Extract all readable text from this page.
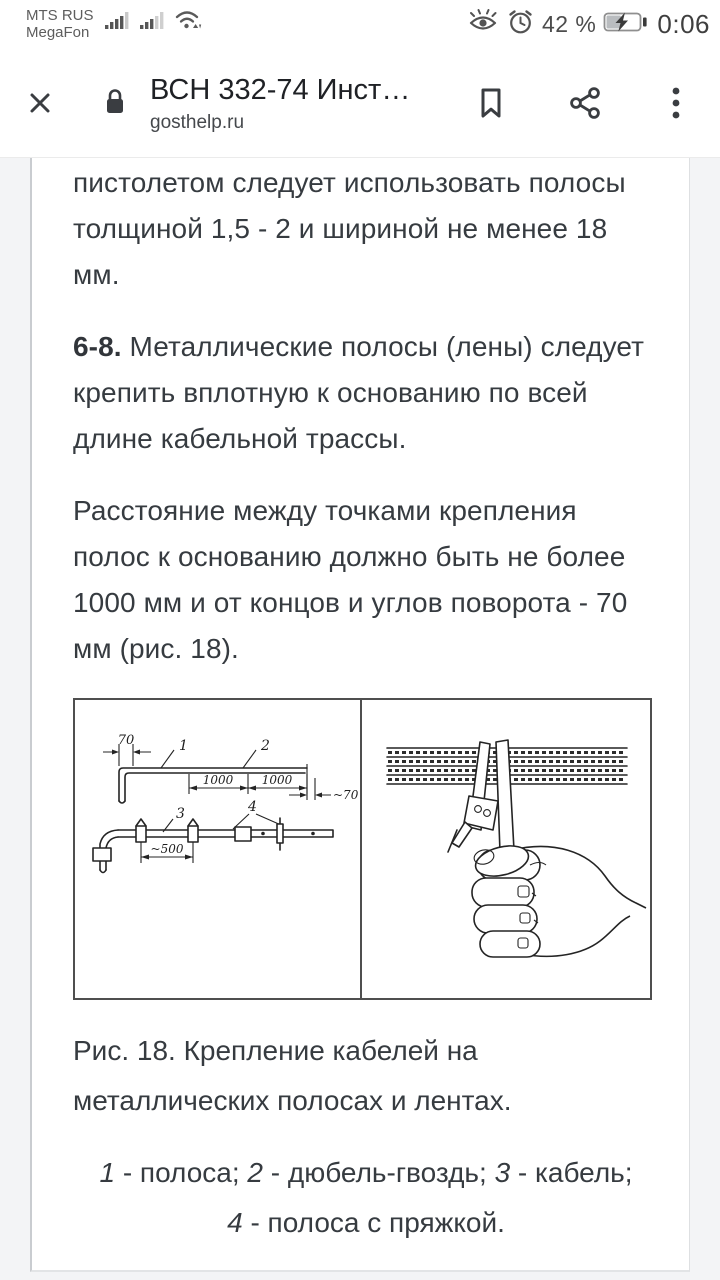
MTS RUS
MegaFon	42 % 0:06
ВСН 332-74 Инст…
gosthelp.ru

пистолетом следует использовать полосы толщиной 1,5 - 2 и шириной не менее 18 мм.

6-8. Металлические полосы (лены) следует крепить вплотную к основанию по всей длине кабельной трассы.

Расстояние между точками крепления полос к основанию должно быть не более 1000 мм и от концов и углов поворота - 70 мм (рис. 18).

70	1	2
1000 1000
~70
3	4
~500

Рис. 18. Крепление кабелей на металлических полосах и лентах.

1 - полоса; 2 - дюбель-гвоздь; 3 - кабель;
4 - полоса с пряжкой.
